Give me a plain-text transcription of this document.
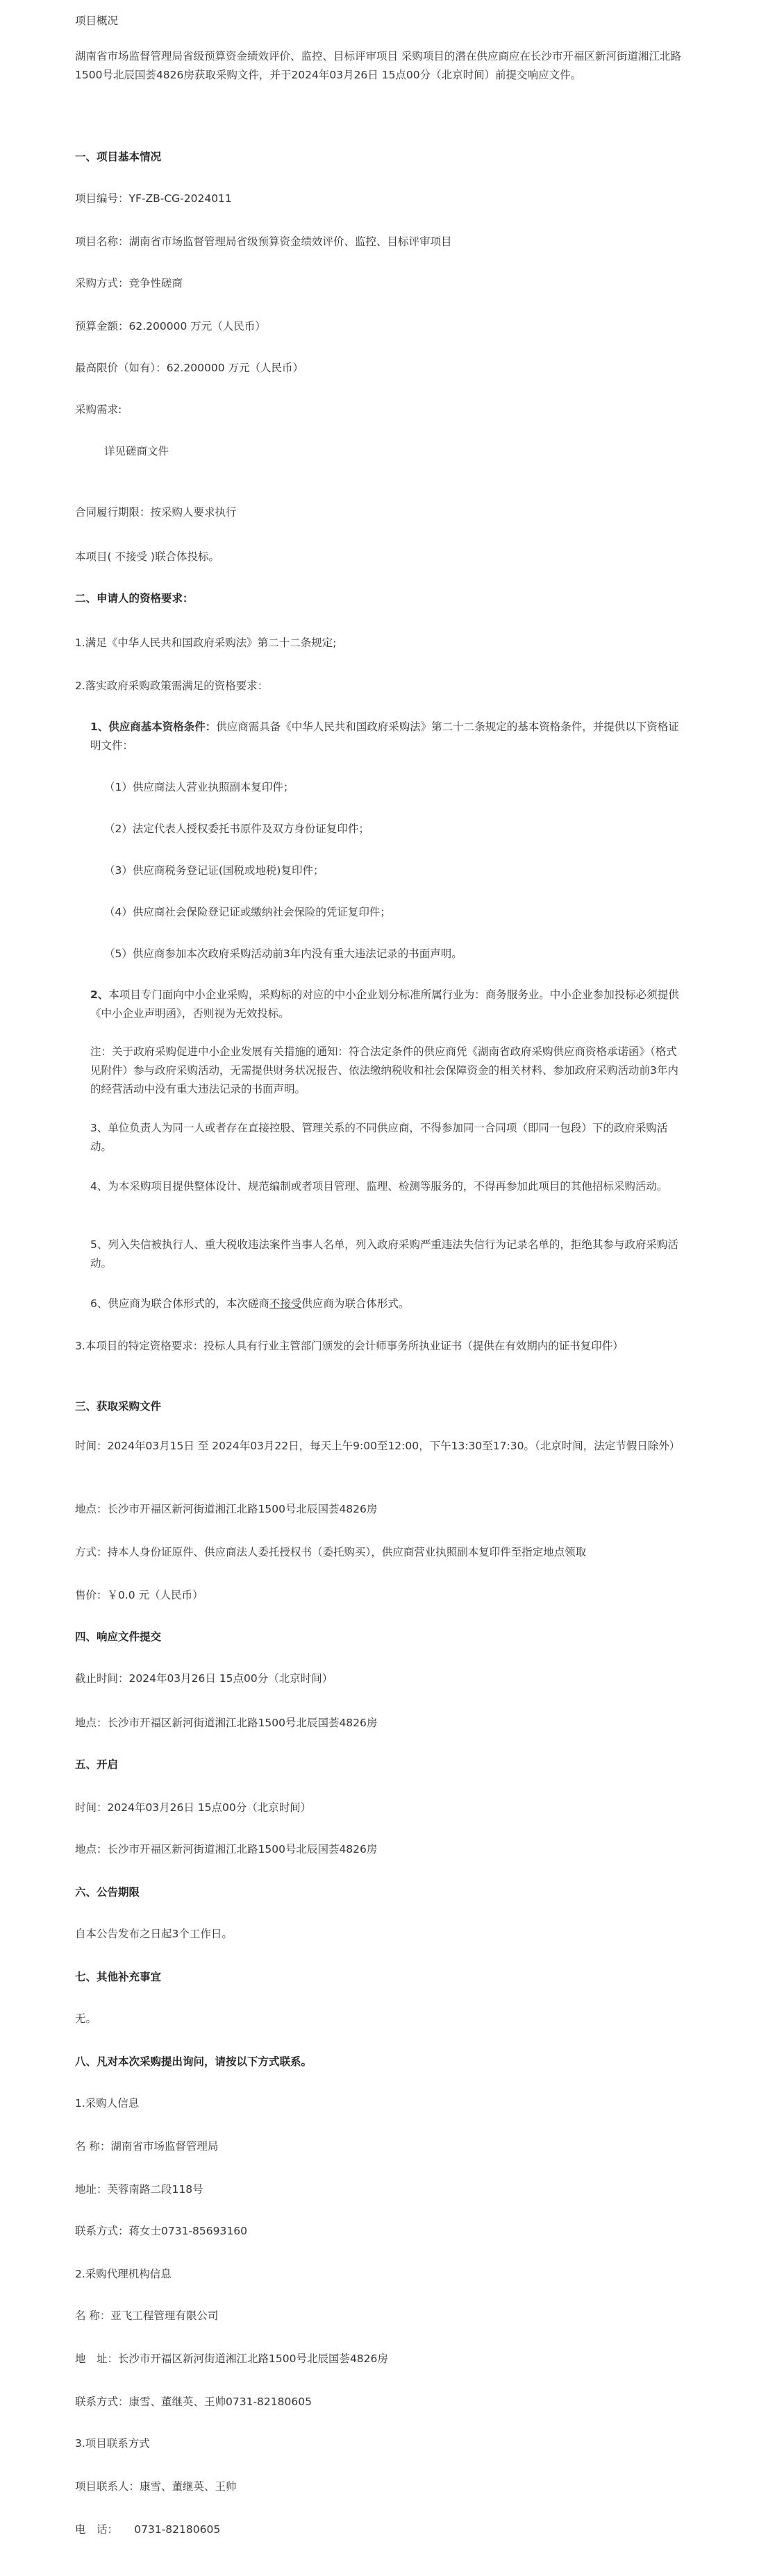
项目概况

湖南省市场监督管理局省级预算资金绩效评价、监控、目标评审项目 采购项目的潜在供应商应在长沙市开福区新河街道湘江北路1500号北辰国荟4826房获取采购文件，并于2024年03月26日 15点00分（北京时间）前提交响应文件。

一、项目基本情况

项目编号：YF-ZB-CG-2024011

项目名称：湖南省市场监督管理局省级预算资金绩效评价、监控、目标评审项目

采购方式：竞争性磋商

预算金额：62.200000 万元（人民币）

最高限价（如有）：62.200000 万元（人民币）

采购需求:

详见磋商文件

合同履行期限：按采购人要求执行

本项目( 不接受 )联合体投标。

二、申请人的资格要求：

1.满足《中华人民共和国政府采购法》第二十二条规定;

2.落实政府采购政策需满足的资格要求：

1、供应商基本资格条件：供应商需具备《中华人民共和国政府采购法》第二十二条规定的基本资格条件，并提供以下资格证明文件：

（1）供应商法人营业执照副本复印件；

（2）法定代表人授权委托书原件及双方身份证复印件；

（3）供应商税务登记证(国税或地税)复印件；

（4）供应商社会保险登记证或缴纳社会保险的凭证复印件；

（5）供应商参加本次政府采购活动前3年内没有重大违法记录的书面声明。

2、本项目专门面向中小企业采购，采购标的对应的中小企业划分标准所属行业为：商务服务业。中小企业参加投标必须提供《中小企业声明函》，否则视为无效投标。

注：关于政府采购促进中小企业发展有关措施的通知：符合法定条件的供应商凭《湖南省政府采购供应商资格承诺函》（格式见附件）参与政府采购活动，无需提供财务状况报告、依法缴纳税收和社会保障资金的相关材料、参加政府采购活动前3年内的经营活动中没有重大违法记录的书面声明。

3、单位负责人为同一人或者存在直接控股、管理关系的不同供应商，不得参加同一合同项（即同一包段）下的政府采购活动。

4、为本采购项目提供整体设计、规范编制或者项目管理、监理、检测等服务的，不得再参加此项目的其他招标采购活动。

5、列入失信被执行人、重大税收违法案件当事人名单，列入政府采购严重违法失信行为记录名单的，拒绝其参与政府采购活动。

6、供应商为联合体形式的，本次磋商不接受供应商为联合体形式。

3.本项目的特定资格要求：投标人具有行业主管部门颁发的会计师事务所执业证书（提供在有效期内的证书复印件）

三、获取采购文件

时间：2024年03月15日 至 2024年03月22日，每天上午9:00至12:00，下午13:30至17:30。（北京时间，法定节假日除外）

地点：长沙市开福区新河街道湘江北路1500号北辰国荟4826房

方式：持本人身份证原件、供应商法人委托授权书（委托购买），供应商营业执照副本复印件至指定地点领取

售价：￥0.0 元（人民币）

四、响应文件提交

截止时间：2024年03月26日 15点00分（北京时间）

地点：长沙市开福区新河街道湘江北路1500号北辰国荟4826房

五、开启

时间：2024年03月26日 15点00分（北京时间）

地点：长沙市开福区新河街道湘江北路1500号北辰国荟4826房

六、公告期限

自本公告发布之日起3个工作日。

七、其他补充事宜

无。

八、凡对本次采购提出询问，请按以下方式联系。

1.采购人信息

名 称：湖南省市场监督管理局

地址：芙蓉南路二段118号

联系方式：蒋女士0731-85693160

2.采购代理机构信息

名 称：亚飞工程管理有限公司

地　址：长沙市开福区新河街道湘江北路1500号北辰国荟4826房

联系方式：康雪、董继英、王帅0731-82180605

3.项目联系方式

项目联系人：康雪、董继英、王帅

电　话：　　0731-82180605
